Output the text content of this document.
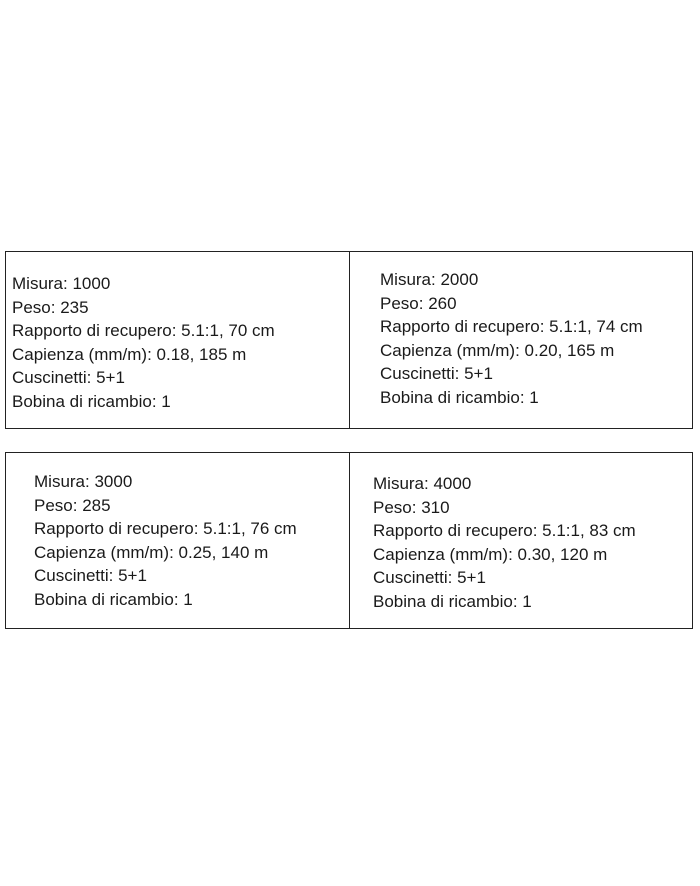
Misura: 1000
Peso: 235
Rapporto di recupero: 5.1:1, 70 cm
Capienza (mm/m): 0.18, 185 m
Cuscinetti: 5+1
Bobina di ricambio: 1
Misura: 2000
Peso: 260
Rapporto di recupero: 5.1:1, 74 cm
Capienza (mm/m): 0.20, 165 m
Cuscinetti: 5+1
Bobina di ricambio: 1
Misura: 3000
Peso: 285
Rapporto di recupero: 5.1:1, 76 cm
Capienza (mm/m): 0.25, 140 m
Cuscinetti: 5+1
Bobina di ricambio: 1
Misura: 4000
Peso: 310
Rapporto di recupero: 5.1:1, 83 cm
Capienza (mm/m): 0.30, 120 m
Cuscinetti: 5+1
Bobina di ricambio: 1
